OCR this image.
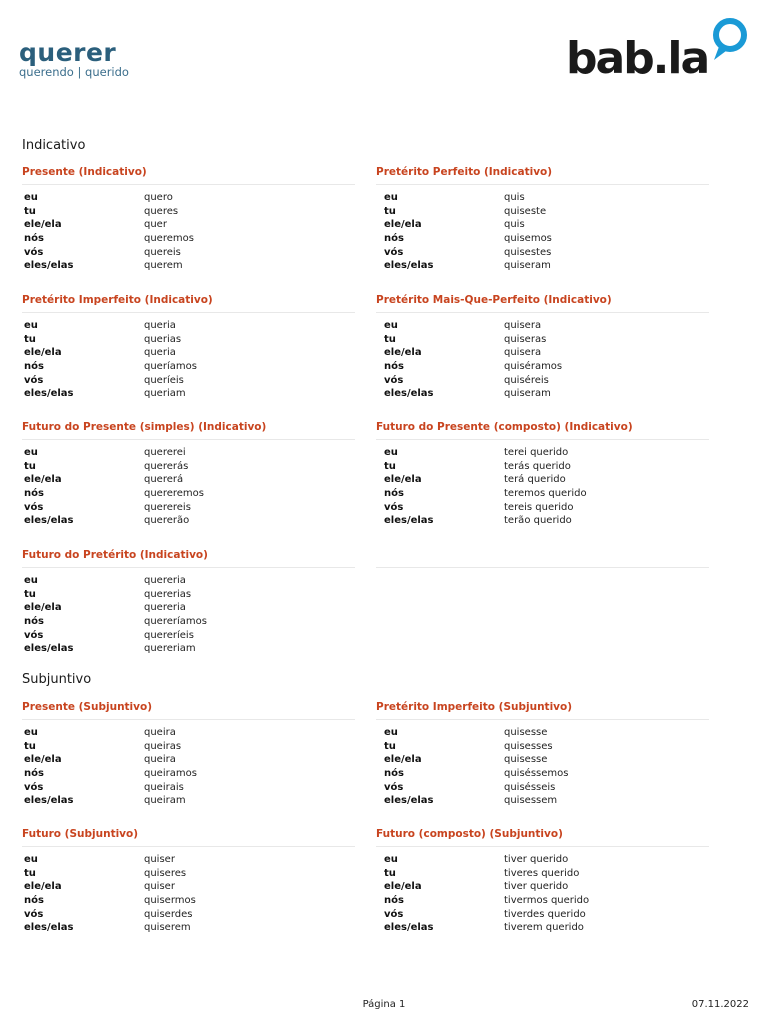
querer
querendo | querido	bab.la
Indicativo
Presente (Indicativo)
eu	quero
tu	queres
ele/ela	quer
nós	queremos
vós	quereis
eles/elas	querem
Pretérito Perfeito (Indicativo)
eu	quis
tu	quiseste
ele/ela	quis
nós	quisemos
vós	quisestes
eles/elas	quiseram
Pretérito Imperfeito (Indicativo)
eu	queria
tu	querias
ele/ela	queria
nós	queríamos
vós	queríeis
eles/elas	queriam
Pretérito Mais-Que-Perfeito (Indicativo)
eu	quisera
tu	quiseras
ele/ela	quisera
nós	quiséramos
vós	quiséreis
eles/elas	quiseram
Futuro do Presente (simples) (Indicativo)
eu	quererei
tu	quererás
ele/ela	quererá
nós	quereremos
vós	querereis
eles/elas	quererão
Futuro do Presente (composto) (Indicativo)
eu	terei querido
tu	terás querido
ele/ela	terá querido
nós	teremos querido
vós	tereis querido
eles/elas	terão querido
Futuro do Pretérito (Indicativo)
eu	quereria
tu	quererias
ele/ela	quereria
nós	quereríamos
vós	quereríeis
eles/elas	quereriam
Subjuntivo
Presente (Subjuntivo)
eu	queira
tu	queiras
ele/ela	queira
nós	queiramos
vós	queirais
eles/elas	queiram
Pretérito Imperfeito (Subjuntivo)
eu	quisesse
tu	quisesses
ele/ela	quisesse
nós	quiséssemos
vós	quisésseis
eles/elas	quisessem
Futuro (Subjuntivo)
eu	quiser
tu	quiseres
ele/ela	quiser
nós	quisermos
vós	quiserdes
eles/elas	quiserem
Futuro (composto) (Subjuntivo)
eu	tiver querido
tu	tiveres querido
ele/ela	tiver querido
nós	tivermos querido
vós	tiverdes querido
eles/elas	tiverem querido
Página 1	07.11.2022
